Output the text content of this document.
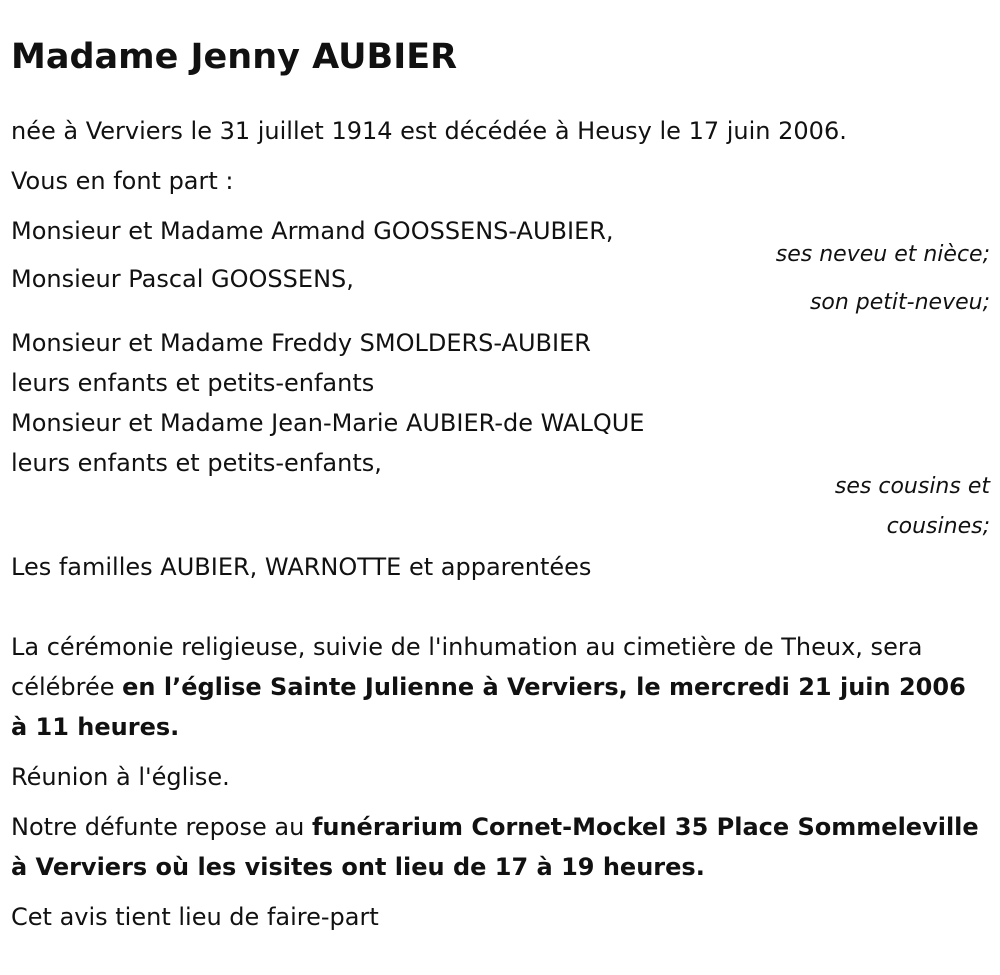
Madame Jenny AUBIER

née à Verviers le 31 juillet 1914 est décédée à Heusy le 17 juin 2006.

Vous en font part :

Monsieur et Madame Armand GOOSSENS-AUBIER,
ses neveu et nièce;
Monsieur Pascal GOOSSENS,
son petit-neveu;
Monsieur et Madame Freddy SMOLDERS-AUBIER
leurs enfants et petits-enfants
Monsieur et Madame Jean-Marie AUBIER-de WALQUE
leurs enfants et petits-enfants,
ses cousins et
cousines;
Les familles AUBIER, WARNOTTE et apparentées

La cérémonie religieuse, suivie de l'inhumation au cimetière de Theux, sera célébrée en l’église Sainte Julienne à Verviers, le mercredi 21 juin 2006 à 11 heures.

Réunion à l'église.

Notre défunte repose au funérarium Cornet-Mockel 35 Place Sommeleville à Verviers où les visites ont lieu de 17 à 19 heures.

Cet avis tient lieu de faire-part
